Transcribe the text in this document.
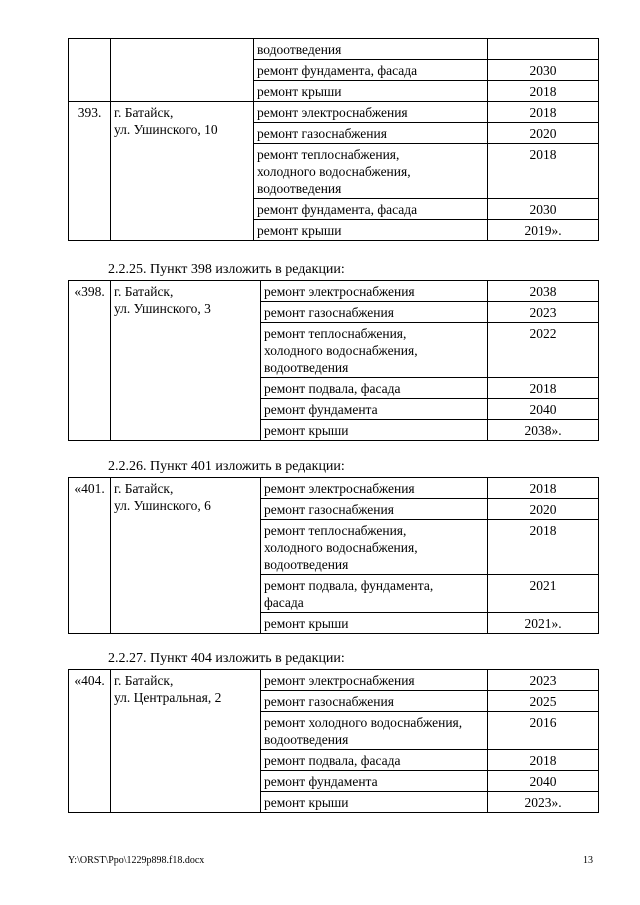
		водоотведения	

		ремонт фундамента, фасада	2030

		ремонт крыши	2018
393.	г. Батайск,
ул. Ушинского, 10	ремонт электроснабжения	2018

		ремонт газоснабжения	2020

		ремонт теплоснабжения,
холодного водоснабжения,
водоотведения	2018

		ремонт фундамента, фасада	2030

		ремонт крыши	2019».
2.2.25. Пункт 398 изложить в редакции:
«398.	г. Батайск,
ул. Ушинского, 3	ремонт электроснабжения	2038

		ремонт газоснабжения	2023

		ремонт теплоснабжения,
холодного водоснабжения,
водоотведения	2022

		ремонт подвала, фасада	2018

		ремонт фундамента	2040

		ремонт крыши	2038».
2.2.26. Пункт 401 изложить в редакции:
«401.	г. Батайск,
ул. Ушинского, 6	ремонт электроснабжения	2018

		ремонт газоснабжения	2020

		ремонт теплоснабжения,
холодного водоснабжения,
водоотведения	2018

		ремонт подвала, фундамента,
фасада	2021

		ремонт крыши	2021».
2.2.27. Пункт 404 изложить в редакции:
«404.	г. Батайск,
ул. Центральная, 2	ремонт электроснабжения	2023

		ремонт газоснабжения	2025

		ремонт холодного водоснабжения,
водоотведения	2016

		ремонт подвала, фасада	2018

		ремонт фундамента	2040

		ремонт крыши	2023».
Y:\ORST\Ppo\1229p898.f18.docx	13
